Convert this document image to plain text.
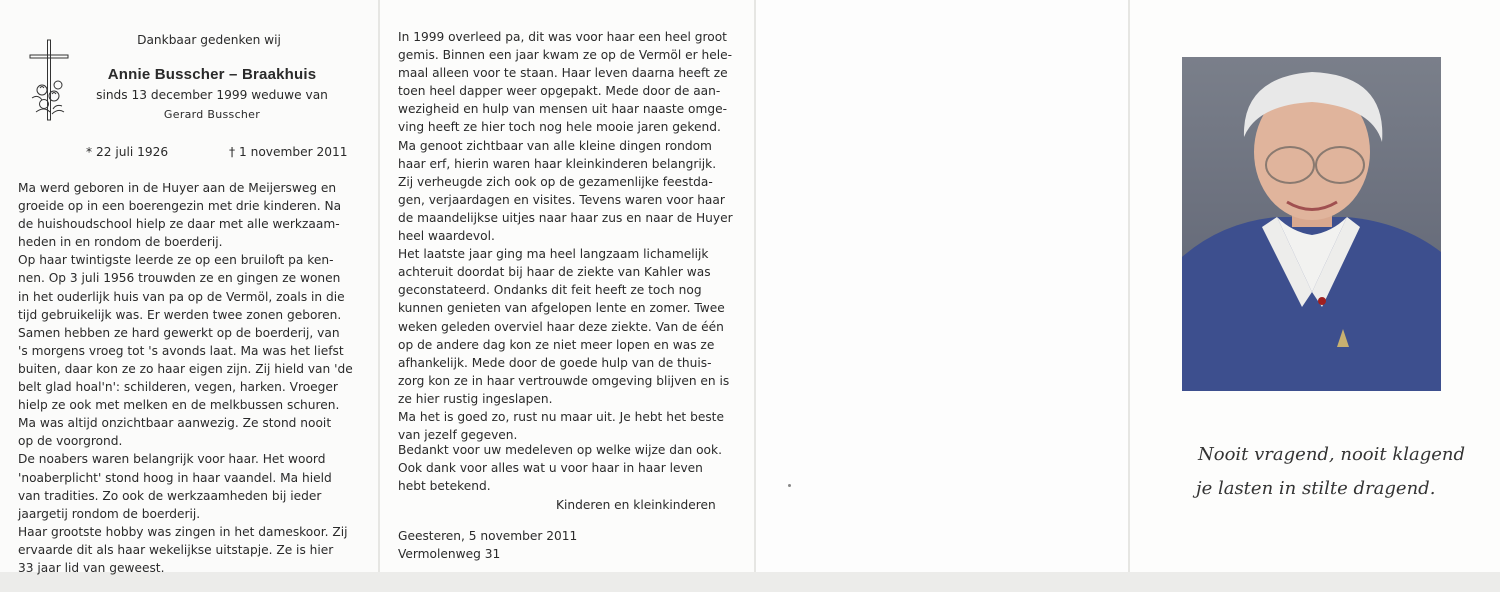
Dankbaar gedenken wij
Annie Busscher – Braakhuis
sinds 13 december 1999 weduwe van
Gerard Busscher
* 22 juli 1926	† 1 november 2011
Ma werd geboren in de Huyer aan de Meijersweg en
groeide op in een boerengezin met drie kinderen. Na
de huishoudschool hielp ze daar met alle werkzaam-
heden in en rondom de boerderij.
Op haar twintigste leerde ze op een bruiloft pa ken-
nen. Op 3 juli 1956 trouwden ze en gingen ze wonen
in het ouderlijk huis van pa op de Vermöl, zoals in die
tijd gebruikelijk was. Er werden twee zonen geboren.
Samen hebben ze hard gewerkt op de boerderij, van
's morgens vroeg tot 's avonds laat. Ma was het liefst
buiten, daar kon ze zo haar eigen zijn. Zij hield van 'de
belt glad hoal'n': schilderen, vegen, harken. Vroeger
hielp ze ook met melken en de melkbussen schuren.
Ma was altijd onzichtbaar aanwezig. Ze stond nooit
op de voorgrond.
De noabers waren belangrijk voor haar. Het woord
'noaberplicht' stond hoog in haar vaandel. Ma hield
van tradities. Zo ook de werkzaamheden bij ieder
jaargetij rondom de boerderij.
Haar grootste hobby was zingen in het dameskoor. Zij
ervaarde dit als haar wekelijkse uitstapje. Ze is hier
33 jaar lid van geweest.
In 1999 overleed pa, dit was voor haar een heel groot
gemis. Binnen een jaar kwam ze op de Vermöl er hele-
maal alleen voor te staan. Haar leven daarna heeft ze
toen heel dapper weer opgepakt. Mede door de aan-
wezigheid en hulp van mensen uit haar naaste omge-
ving heeft ze hier toch nog hele mooie jaren gekend.
Ma genoot zichtbaar van alle kleine dingen rondom
haar erf, hierin waren haar kleinkinderen belangrijk.
Zij verheugde zich ook op de gezamenlijke feestda-
gen, verjaardagen en visites. Tevens waren voor haar
de maandelijkse uitjes naar haar zus en naar de Huyer
heel waardevol.
Het laatste jaar ging ma heel langzaam lichamelijk
achteruit doordat bij haar de ziekte van Kahler was
geconstateerd. Ondanks dit feit heeft ze toch nog
kunnen genieten van afgelopen lente en zomer. Twee
weken geleden overviel haar deze ziekte. Van de één
op de andere dag kon ze niet meer lopen en was ze
afhankelijk. Mede door de goede hulp van de thuis-
zorg kon ze in haar vertrouwde omgeving blijven en is
ze hier rustig ingeslapen.
Ma het is goed zo, rust nu maar uit. Je hebt het beste
van jezelf gegeven.
Bedankt voor uw medeleven op welke wijze dan ook.
Ook dank voor alles wat u voor haar in haar leven
hebt betekend.
Kinderen en kleinkinderen
Geesteren, 5 november 2011
Vermolenweg 31
Nooit vragend, nooit klagend
je lasten in stilte dragend.
